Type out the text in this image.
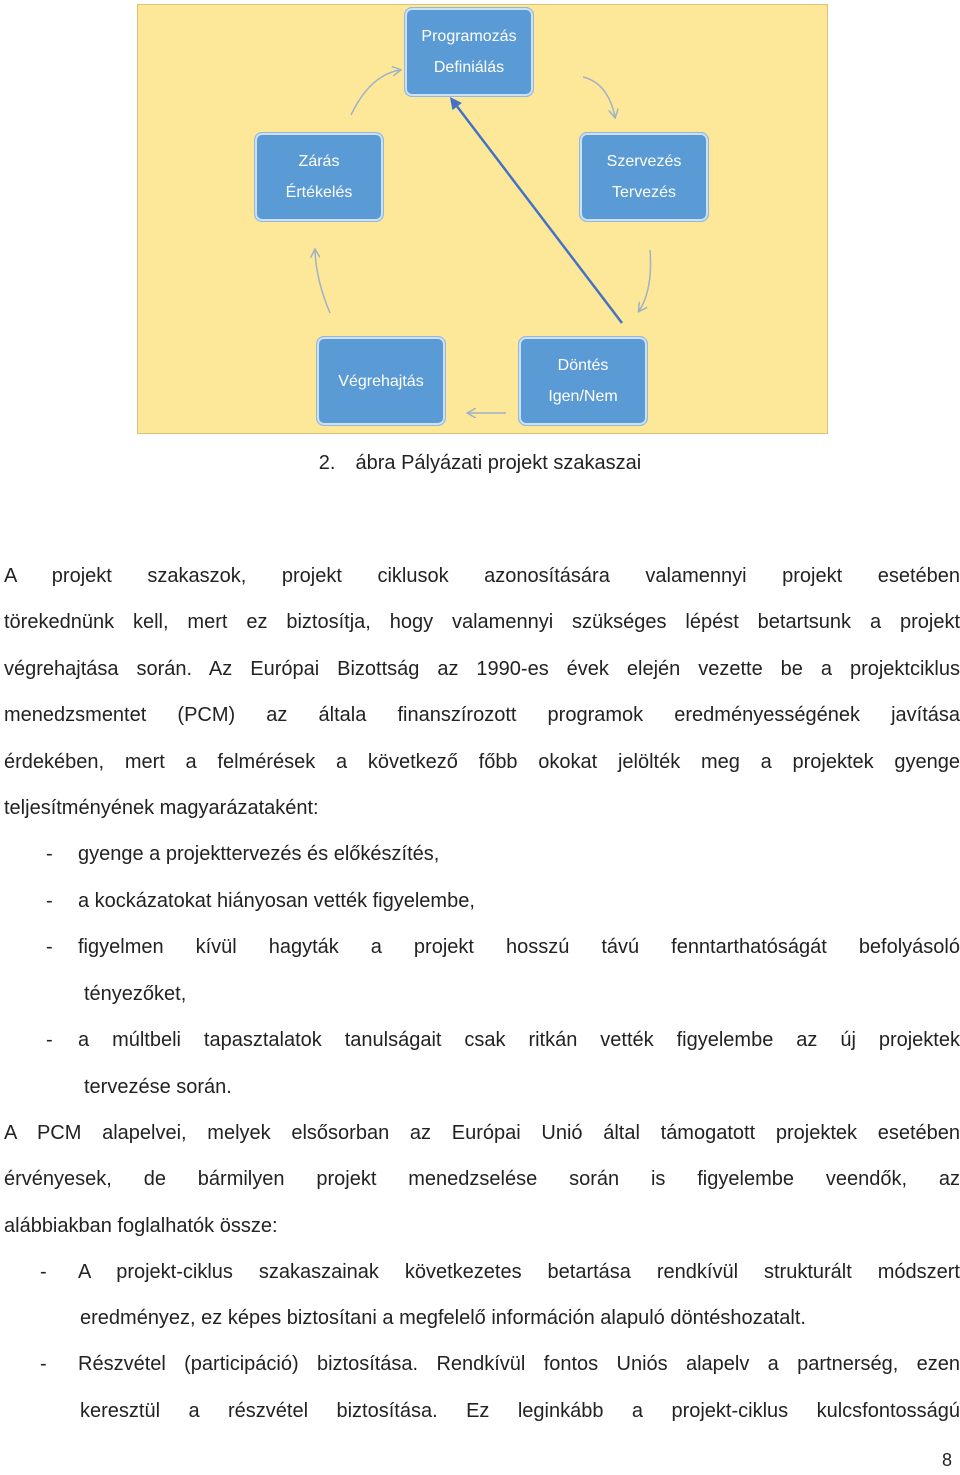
Programozás
Definiálás
Szervezés
Tervezés
Döntés
Igen/Nem
Végrehajtás
Zárás
Értékelés
2. ábra Pályázati projekt szakaszai
A projekt szakaszok, projekt ciklusok azonosítására valamennyi projekt esetében
törekednünk kell, mert ez biztosítja, hogy valamennyi szükséges lépést betartsunk a projekt
végrehajtása során. Az Európai Bizottság az 1990-es évek elején vezette be a projektciklus
menedzsmentet (PCM) az általa finanszírozott programok eredményességének javítása
érdekében, mert a felmérések a következő főbb okokat jelölték meg a projektek gyenge
teljesítményének magyarázataként:
- gyenge a projekttervezés és előkészítés,
- a kockázatokat hiányosan vették figyelembe,
- figyelmen kívül hagyták a projekt hosszú távú fenntarthatóságát befolyásoló
tényezőket,
- a múltbeli tapasztalatok tanulságait csak ritkán vették figyelembe az új projektek
tervezése során.
A PCM alapelvei, melyek elsősorban az Európai Unió által támogatott projektek esetében
érvényesek, de bármilyen projekt menedzselése során is figyelembe veendők, az
alábbiakban foglalhatók össze:
- A projekt-ciklus szakaszainak következetes betartása rendkívül strukturált módszert
eredményez, ez képes biztosítani a megfelelő információn alapuló döntéshozatalt.
- Részvétel (participáció) biztosítása. Rendkívül fontos Uniós alapelv a partnerség, ezen
keresztül a részvétel biztosítása. Ez leginkább a projekt-ciklus kulcsfontosságú
8
